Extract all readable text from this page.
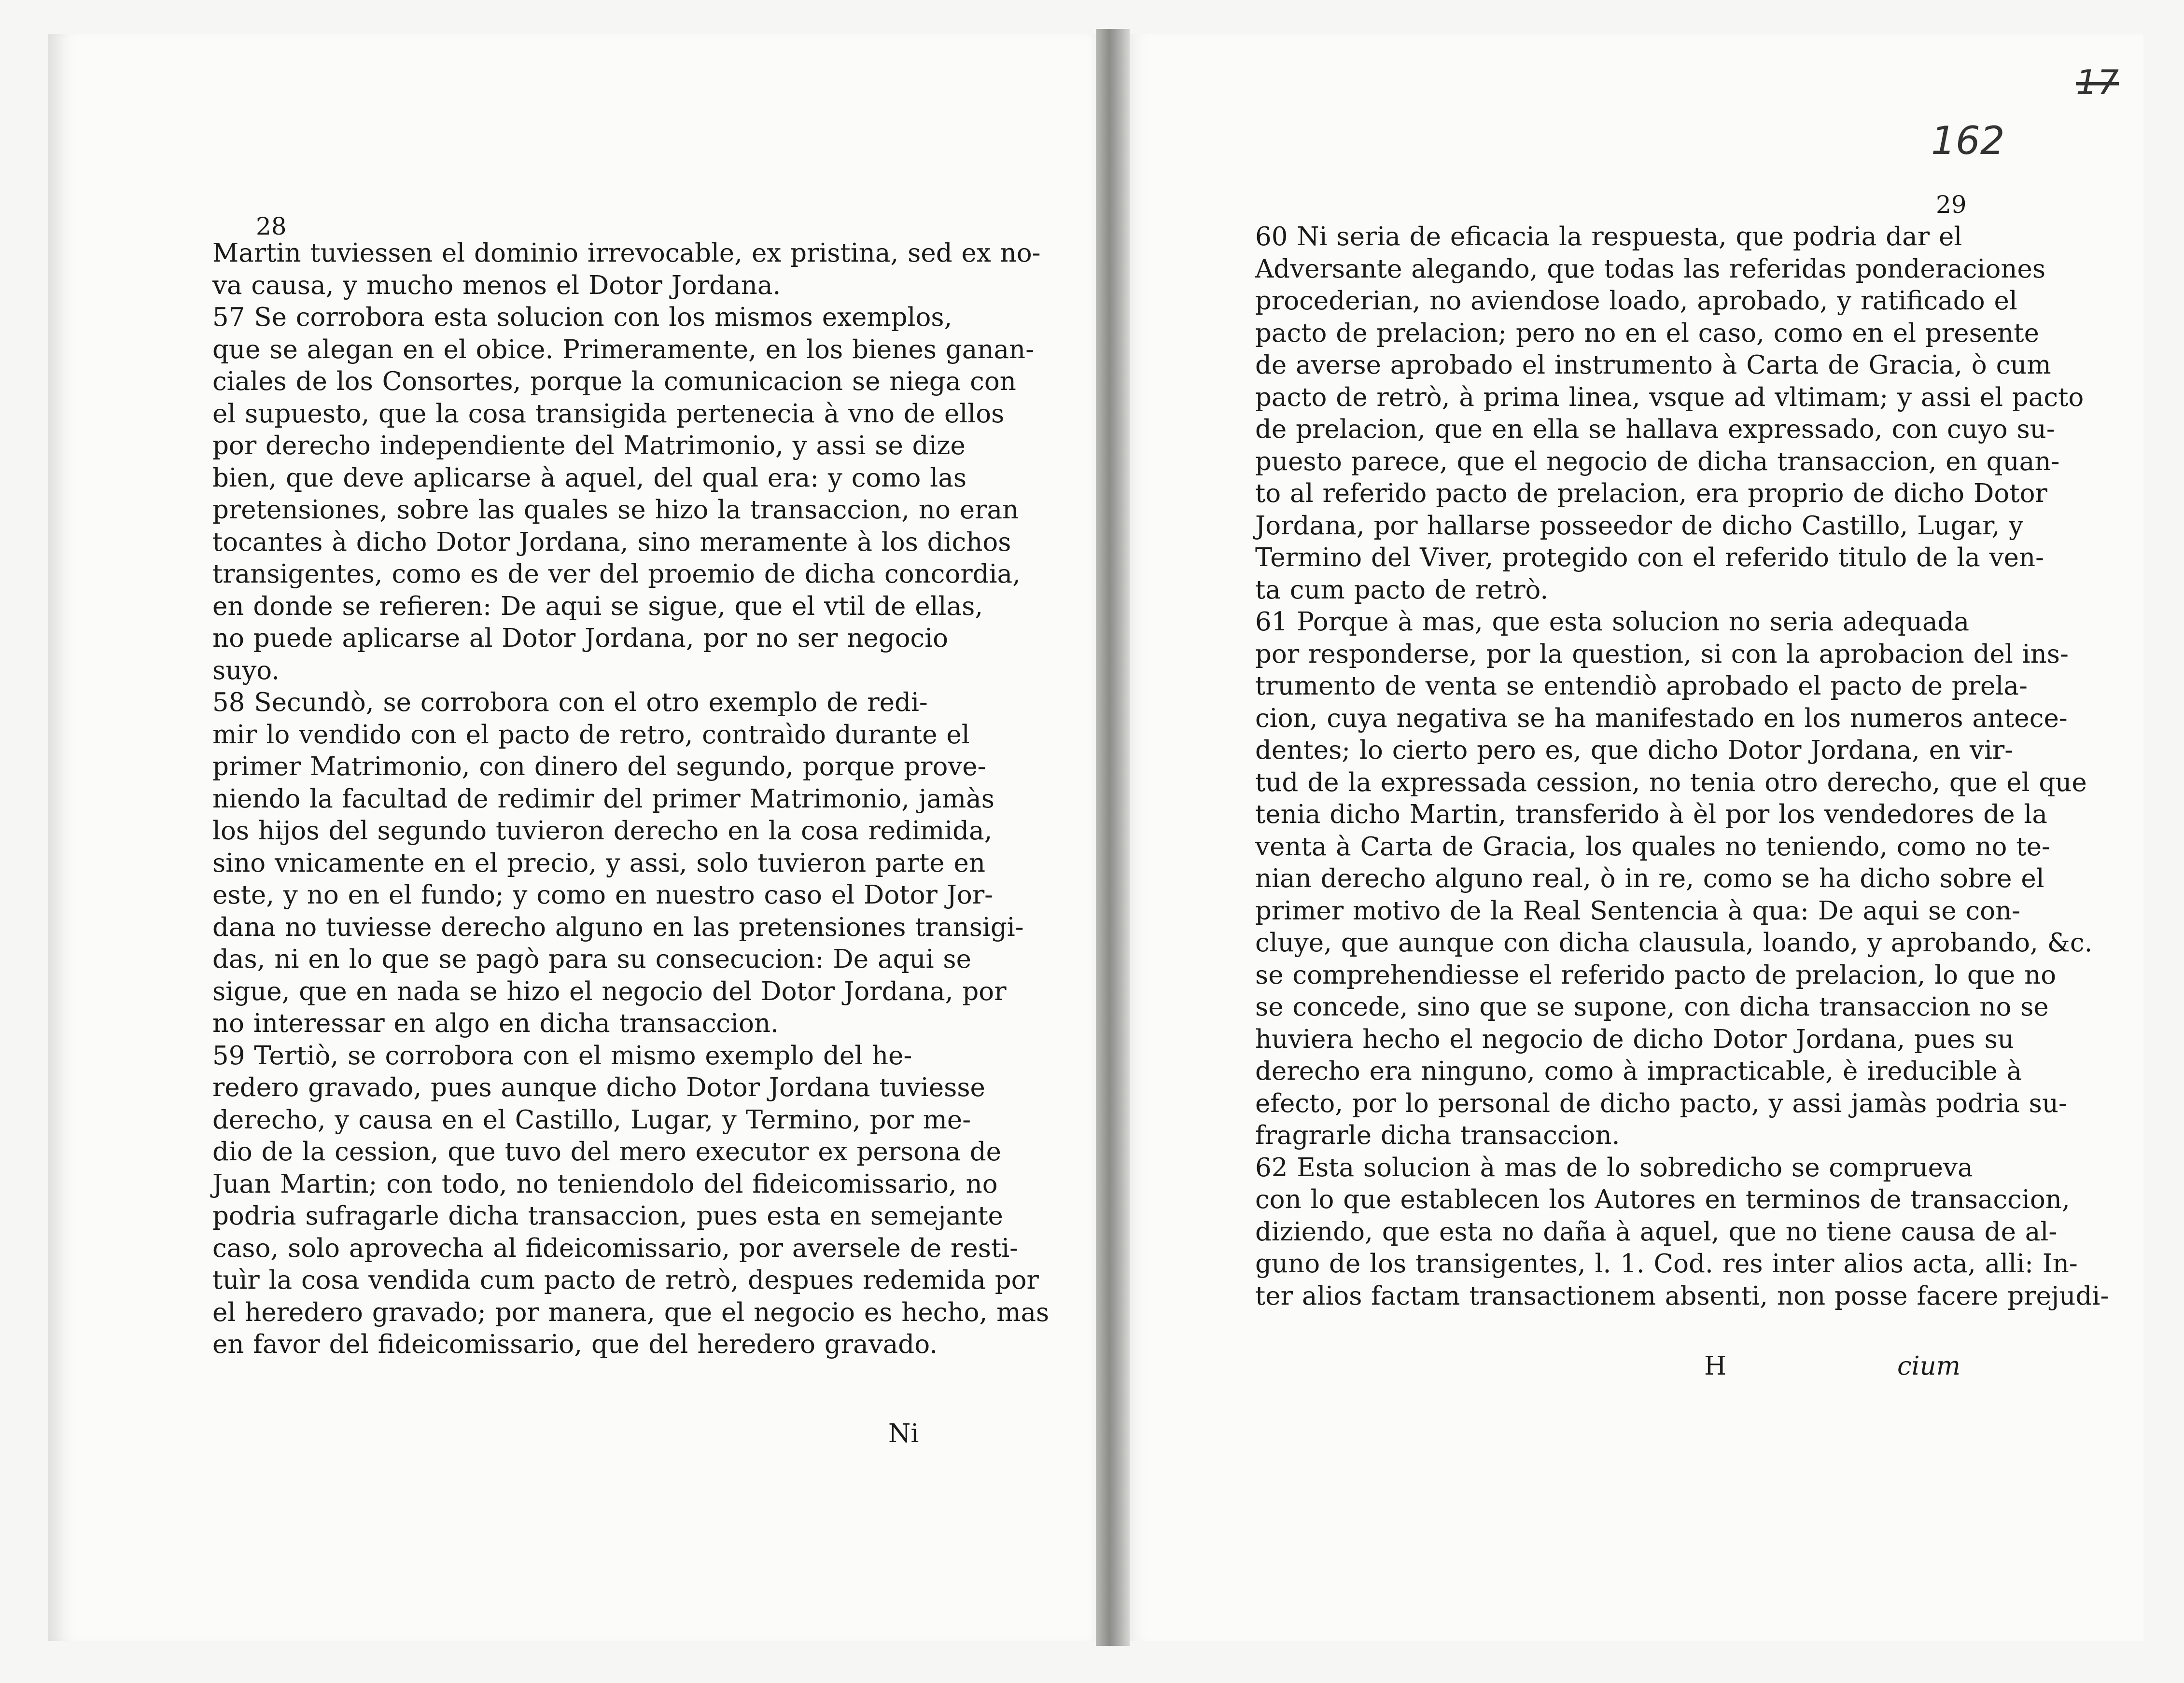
28
Martin tuviessen el dominio irrevocable, ex pristina, sed ex no-
va causa, y mucho menos el Dotor Jordana.
57 Se corrobora esta solucion con los mismos exemplos,
que se alegan en el obice. Primeramente, en los bienes ganan-
ciales de los Consortes, porque la comunicacion se niega con
el supuesto, que la cosa transigida pertenecia à vno de ellos
por derecho independiente del Matrimonio, y assi se dize
bien, que deve aplicarse à aquel, del qual era: y como las
pretensiones, sobre las quales se hizo la transaccion, no eran
tocantes à dicho Dotor Jordana, sino meramente à los dichos
transigentes, como es de ver del proemio de dicha concordia,
en donde se refieren: De aqui se sigue, que el vtil de ellas,
no puede aplicarse al Dotor Jordana, por no ser negocio
suyo.
58 Secundò, se corrobora con el otro exemplo de redi-
mir lo vendido con el pacto de retro, contraìdo durante el
primer Matrimonio, con dinero del segundo, porque prove-
niendo la facultad de redimir del primer Matrimonio, jamàs
los hijos del segundo tuvieron derecho en la cosa redimida,
sino vnicamente en el precio, y assi, solo tuvieron parte en
este, y no en el fundo; y como en nuestro caso el Dotor Jor-
dana no tuviesse derecho alguno en las pretensiones transigi-
das, ni en lo que se pagò para su consecucion: De aqui se
sigue, que en nada se hizo el negocio del Dotor Jordana, por
no interessar en algo en dicha transaccion.
59 Tertiò, se corrobora con el mismo exemplo del he-
redero gravado, pues aunque dicho Dotor Jordana tuviesse
derecho, y causa en el Castillo, Lugar, y Termino, por me-
dio de la cession, que tuvo del mero executor ex persona de
Juan Martin; con todo, no teniendolo del fideicomissario, no
podria sufragarle dicha transaccion, pues esta en semejante
caso, solo aprovecha al fideicomissario, por aversele de resti-
tuìr la cosa vendida cum pacto de retrò, despues redemida por
el heredero gravado; por manera, que el negocio es hecho, mas
en favor del fideicomissario, que del heredero gravado.
Ni
17
162
29
60 Ni seria de eficacia la respuesta, que podria dar el
Adversante alegando, que todas las referidas ponderaciones
procederian, no aviendose loado, aprobado, y ratificado el
pacto de prelacion; pero no en el caso, como en el presente
de averse aprobado el instrumento à Carta de Gracia, ò cum
pacto de retrò, à prima linea, vsque ad vltimam; y assi el pacto
de prelacion, que en ella se hallava expressado, con cuyo su-
puesto parece, que el negocio de dicha transaccion, en quan-
to al referido pacto de prelacion, era proprio de dicho Dotor
Jordana, por hallarse posseedor de dicho Castillo, Lugar, y
Termino del Viver, protegido con el referido titulo de la ven-
ta cum pacto de retrò.
61 Porque à mas, que esta solucion no seria adequada
por responderse, por la question, si con la aprobacion del ins-
trumento de venta se entendiò aprobado el pacto de prela-
cion, cuya negativa se ha manifestado en los numeros antece-
dentes; lo cierto pero es, que dicho Dotor Jordana, en vir-
tud de la expressada cession, no tenia otro derecho, que el que
tenia dicho Martin, transferido à èl por los vendedores de la
venta à Carta de Gracia, los quales no teniendo, como no te-
nian derecho alguno real, ò in re, como se ha dicho sobre el
primer motivo de la Real Sentencia à qua: De aqui se con-
cluye, que aunque con dicha clausula, loando, y aprobando, &c.
se comprehendiesse el referido pacto de prelacion, lo que no
se concede, sino que se supone, con dicha transaccion no se
huviera hecho el negocio de dicho Dotor Jordana, pues su
derecho era ninguno, como à impracticable, è ireducible à
efecto, por lo personal de dicho pacto, y assi jamàs podria su-
fragrarle dicha transaccion.
62 Esta solucion à mas de lo sobredicho se comprueva
con lo que establecen los Autores en terminos de transaccion,
diziendo, que esta no daña à aquel, que no tiene causa de al-
guno de los transigentes, l. 1. Cod. res inter alios acta, alli: In-
ter alios factam transactionem absenti, non posse facere prejudi-
H	cium
